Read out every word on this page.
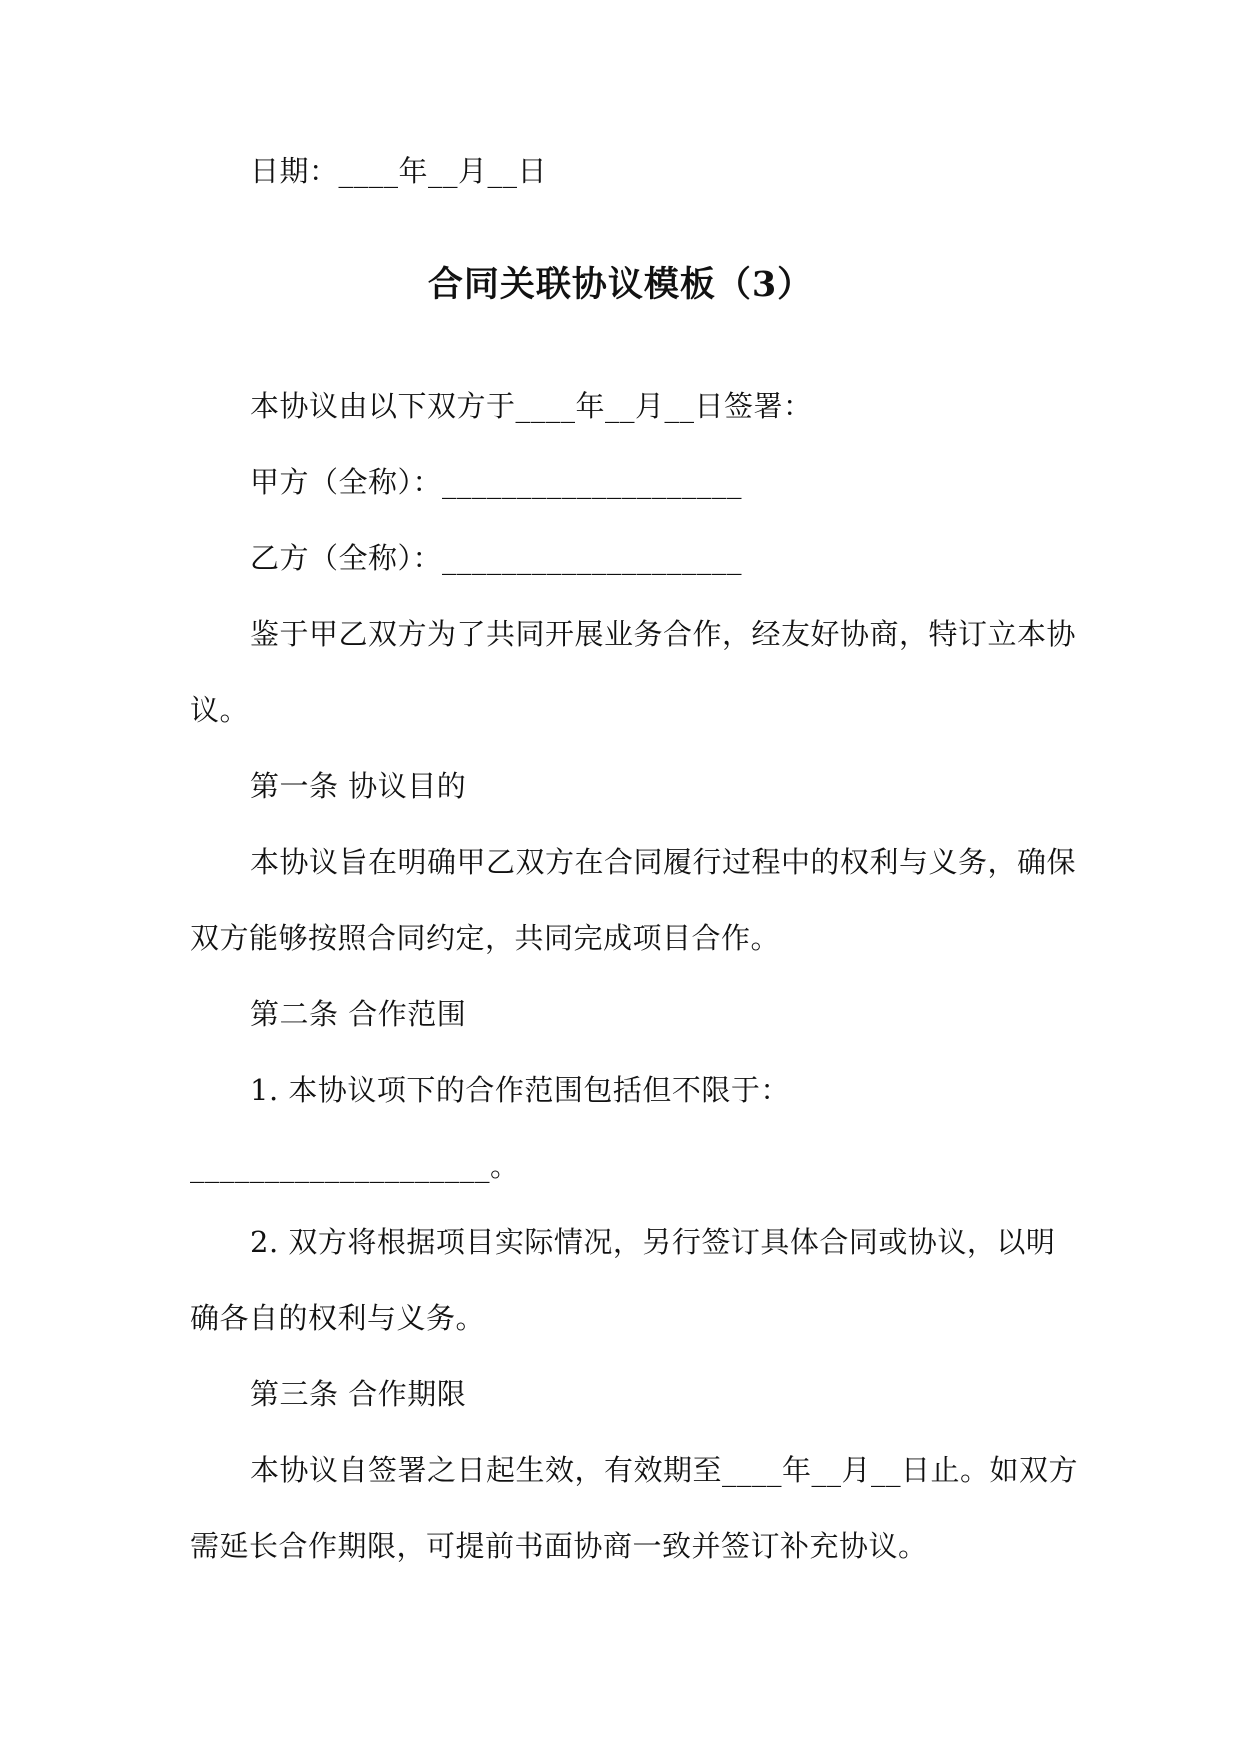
日期：____年__月__日
合同关联协议模板（3）
本协议由以下双方于____年__月__日签署：
甲方（全称）：____________________
乙方（全称）：____________________
鉴于甲乙双方为了共同开展业务合作，经友好协商，特订立本协
议。
第一条 协议目的
本协议旨在明确甲乙双方在合同履行过程中的权利与义务，确保
双方能够按照合同约定，共同完成项目合作。
第二条 合作范围
1. 本协议项下的合作范围包括但不限于：
____________________。
2. 双方将根据项目实际情况，另行签订具体合同或协议，以明
确各自的权利与义务。
第三条 合作期限
本协议自签署之日起生效，有效期至____年__月__日止。如双方
需延长合作期限，可提前书面协商一致并签订补充协议。
